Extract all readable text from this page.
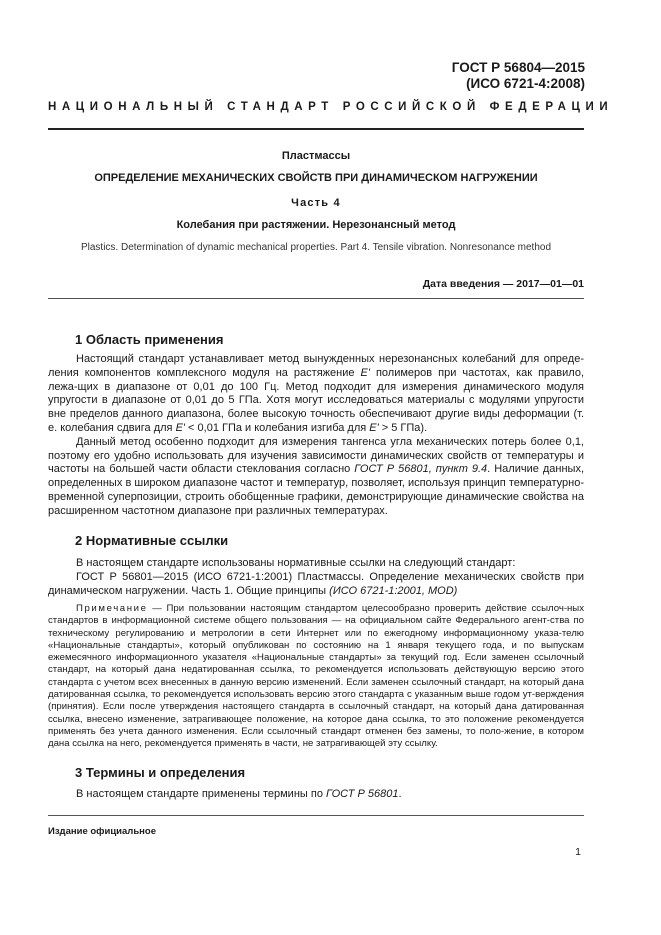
ГОСТ Р 56804—2015
(ИСО 6721-4:2008)
НАЦИОНАЛЬНЫЙ СТАНДАРТ РОССИЙСКОЙ ФЕДЕРАЦИИ
Пластмассы
ОПРЕДЕЛЕНИЕ МЕХАНИЧЕСКИХ СВОЙСТВ ПРИ ДИНАМИЧЕСКОМ НАГРУЖЕНИИ
Часть 4
Колебания при растяжении. Нерезонансный метод
Plastics. Determination of dynamic mechanical properties. Part 4. Tensile vibration. Nonresonance method
Дата введения — 2017—01—01
1 Область применения

Настоящий стандарт устанавливает метод вынужденных нерезонансных колебаний для опреде-ления компонентов комплексного модуля на растяжение E' полимеров при частотах, как правило, лежа-щих в диапазоне от 0,01 до 100 Гц. Метод подходит для измерения динамического модуля упругости в диапазоне от 0,01 до 5 ГПа. Хотя могут исследоваться материалы с модулями упругости вне пределов данного диапазона, более высокую точность обеспечивают другие виды деформации (т. е. колебания сдвига для E' < 0,01 ГПа и колебания изгиба для E' > 5 ГПа).

Данный метод особенно подходит для измерения тангенса угла механических потерь более 0,1, поэтому его удобно использовать для изучения зависимости динамических свойств от температуры и частоты на большей части области стеклования согласно ГОСТ Р 56801, пункт 9.4. Наличие данных, определенных в широком диапазоне частот и температур, позволяет, используя принцип температурно-временной суперпозиции, строить обобщенные графики, демонстрирующие динамические свойства на расширенном частотном диапазоне при различных температурах.

2 Нормативные ссылки

В настоящем стандарте использованы нормативные ссылки на следующий стандарт:

ГОСТ Р 56801—2015 (ИСО 6721-1:2001) Пластмассы. Определение механических свойств при динамическом нагружении. Часть 1. Общие принципы (ИСО 6721-1:2001, MOD)

Примечание — При пользовании настоящим стандартом целесообразно проверить действие ссылоч-ных стандартов в информационной системе общего пользования — на официальном сайте Федерального агент-ства по техническому регулированию и метрологии в сети Интернет или по ежегодному информационному указа-телю «Национальные стандарты», который опубликован по состоянию на 1 января текущего года, и по выпускам ежемесячного информационного указателя «Национальные стандарты» за текущий год. Если заменен ссылочный стандарт, на который дана недатированная ссылка, то рекомендуется использовать действующую версию этого стандарта с учетом всех внесенных в данную версию изменений. Если заменен ссылочный стандарт, на который дана датированная ссылка, то рекомендуется использовать версию этого стандарта с указанным выше годом ут-верждения (принятия). Если после утверждения настоящего стандарта в ссылочный стандарт, на который дана датированная ссылка, внесено изменение, затрагивающее положение, на которое дана ссылка, то это положение рекомендуется применять без учета данного изменения. Если ссылочный стандарт отменен без замены, то поло-жение, в котором дана ссылка на него, рекомендуется применять в части, не затрагивающей эту ссылку.

3 Термины и определения

В настоящем стандарте применены термины по ГОСТ Р 56801.

Издание официальное
1
